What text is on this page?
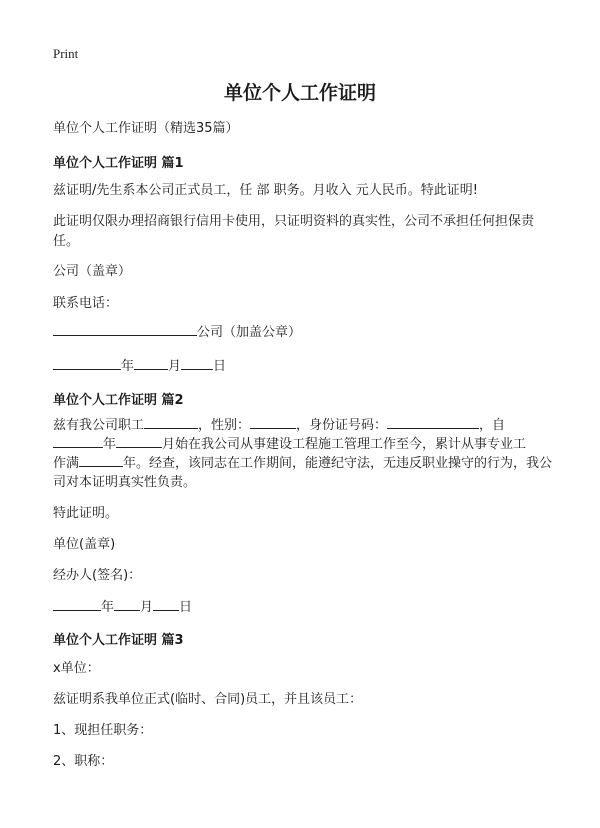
Print
单位个人工作证明

单位个人工作证明（精选35篇）

单位个人工作证明 篇1

兹证明/先生系本公司正式员工，任 部 职务。月收入 元人民币。特此证明!

此证明仅限办理招商银行信用卡使用，只证明资料的真实性，公司不承担任何担保责任。

公司（盖章）

联系电话：

公司（加盖公章）

年	月 日

单位个人工作证明 篇2

兹有我公司职工	，性别：	，身份证号码：	，自
年	月始在我公司从事建设工程施工管理工作至今，累计从事专业工
作满	年。经查，该同志在工作期间，能遵纪守法，无违反职业操守的行为，我公司对本证明真实性负责。

特此证明。

单位(盖章)

经办人(签名)：

年 月 日

单位个人工作证明 篇3

x单位：

兹证明系我单位正式(临时、合同)员工，并且该员工：

1、现担任职务：

2、职称：
